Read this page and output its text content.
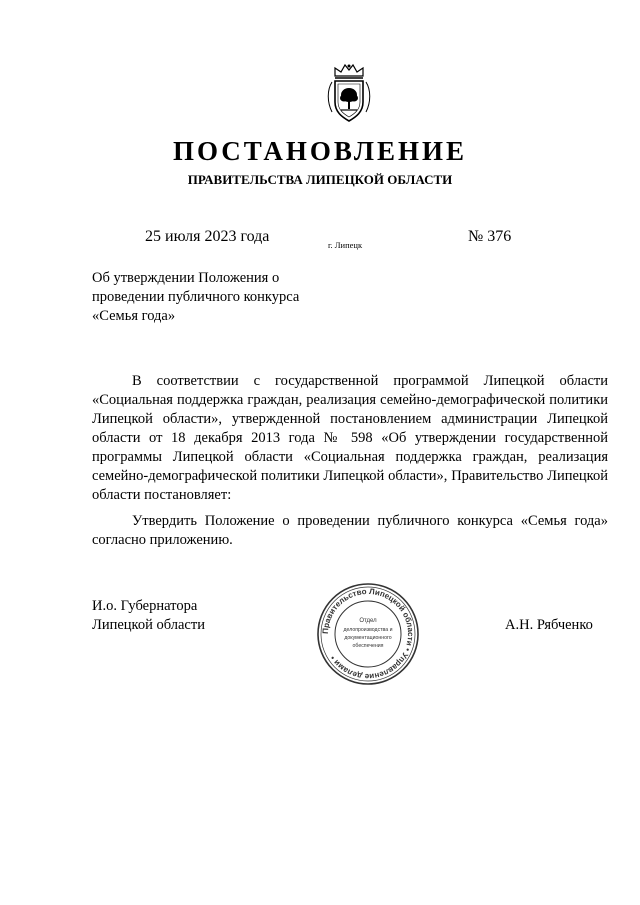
ПОСТАНОВЛЕНИЕ
ПРАВИТЕЛЬСТВА ЛИПЕЦКОЙ ОБЛАСТИ
25 июля 2023 года	г. Липецк	№ 376
Об утверждении Положения о
проведении публичного конкурса
«Семья года»

В соответствии с государственной программой Липецкой области «Социальная поддержка граждан, реализация семейно-демографической политики Липецкой области», утвержденной постановлением администрации Липецкой области от 18 декабря 2013 года № 598 «Об утверждении государственной программы Липецкой области «Социальная поддержка граждан, реализация семейно-демографической политики Липецкой области», Правительство Липецкой области постановляет:

Утвердить Положение о проведении публичного конкурса «Семья года» согласно приложению.

И.о. Губернатора
Липецкой области	А.Н. Рябченко
Правительство Липецкой области • Управление делами •
Отдел
делопроизводства и
документационного
обеспечения
